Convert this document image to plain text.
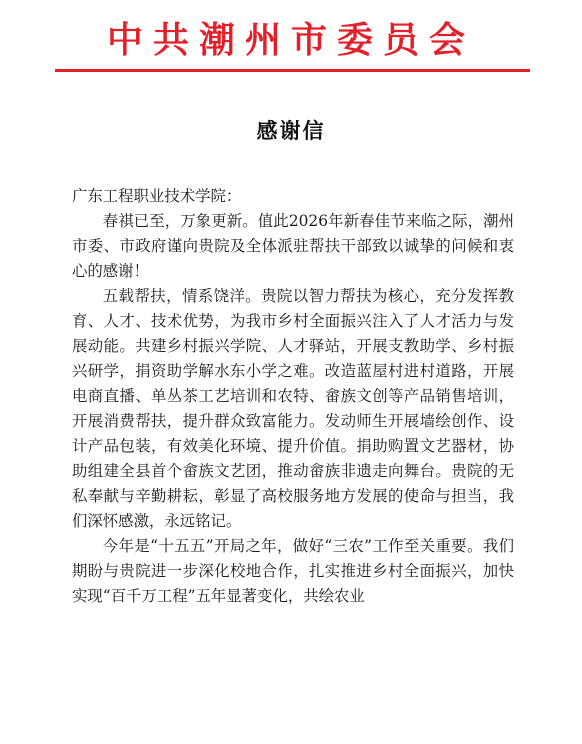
中共潮州市委员会
感谢信

广东工程职业技术学院：

春祺已至，万象更新。值此2026年新春佳节来临之际，潮州市委、市政府谨向贵院及全体派驻帮扶干部致以诚挚的问候和衷心的感谢！

五载帮扶，情系饶洋。贵院以智力帮扶为核心，充分发挥教育、人才、技术优势，为我市乡村全面振兴注入了人才活力与发展动能。共建乡村振兴学院、人才驿站，开展支教助学、乡村振兴研学，捐资助学解水东小学之难。改造蓝屋村进村道路，开展电商直播、单丛茶工艺培训和农特、畲族文创等产品销售培训，开展消费帮扶，提升群众致富能力。发动师生开展墙绘创作、设计产品包装，有效美化环境、提升价值。捐助购置文艺器材，协助组建全县首个畲族文艺团，推动畲族非遗走向舞台。贵院的无私奉献与辛勤耕耘，彰显了高校服务地方发展的使命与担当，我们深怀感激，永远铭记。

今年是“十五五”开局之年，做好“三农”工作至关重要。我们期盼与贵院进一步深化校地合作，扎实推进乡村全面振兴，加快实现“百千万工程”五年显著变化，共绘农业
